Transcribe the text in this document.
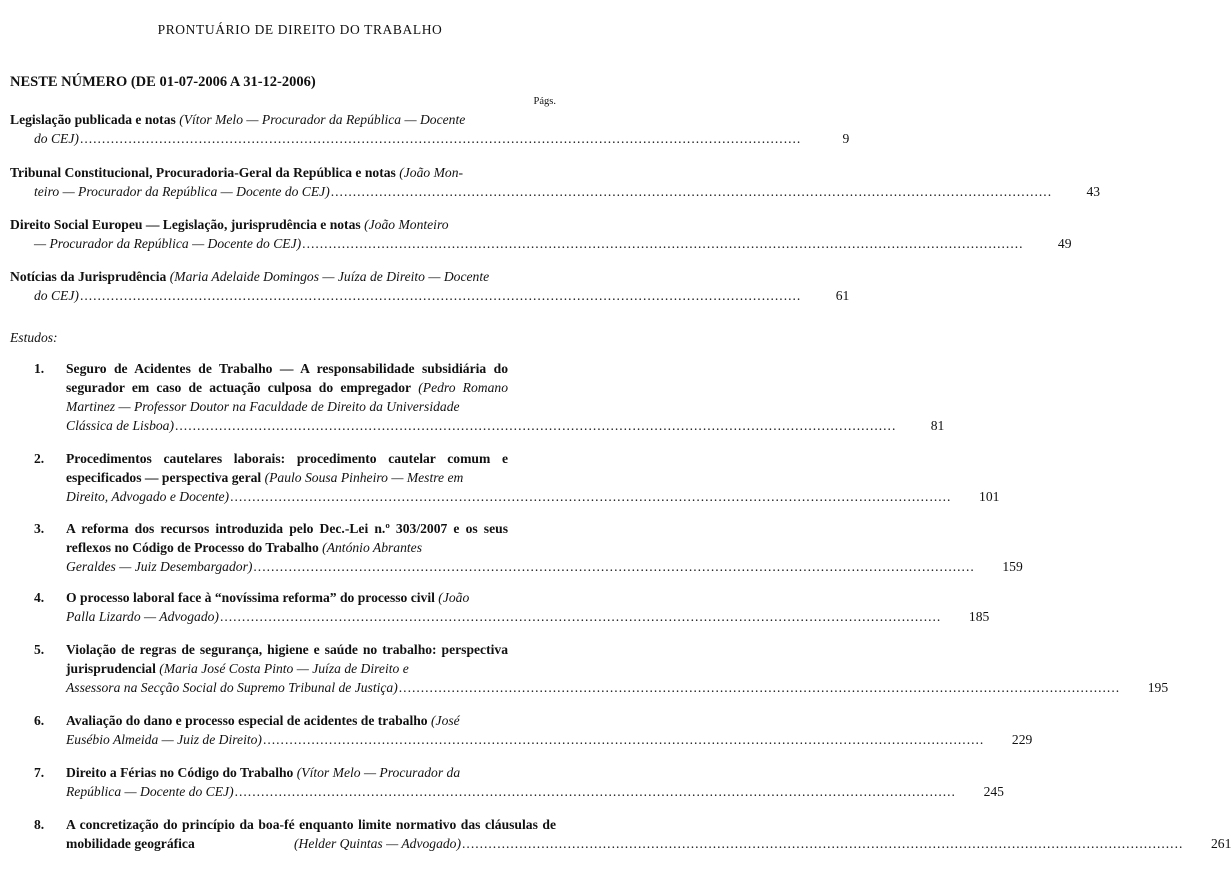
PRONTUÁRIO DE DIREITO DO TRABALHO
NESTE NÚMERO (DE 01-07-2006 A 31-12-2006)
Págs.
Legislação publicada e notas (Vítor Melo — Procurador da República — Docente
do CEJ) ....................................................................................................................................................................	9
Tribunal Constitucional, Procuradoria-Geral da República e notas (João Mon-
teiro — Procurador da República — Docente do CEJ) ....................................................................................................................................................................	43
Direito Social Europeu — Legislação, jurisprudência e notas (João Monteiro
— Procurador da República — Docente do CEJ) ....................................................................................................................................................................	49
Notícias da Jurisprudência (Maria Adelaide Domingos — Juíza de Direito — Docente
do CEJ) ....................................................................................................................................................................	61
Estudos:
1. Seguro de Acidentes de Trabalho — A responsabilidade subsidiária do segurador em caso de actuação culposa do empregador (Pedro Romano Martinez — Professor Doutor na Faculdade de Direito da Universidade
Clássica de Lisboa) ....................................................................................................................................................................	81
2. Procedimentos cautelares laborais: procedimento cautelar comum e especificados — perspectiva geral (Paulo Sousa Pinheiro — Mestre em
Direito, Advogado e Docente) ....................................................................................................................................................................	101
3. A reforma dos recursos introduzida pelo Dec.-Lei n.º 303/2007 e os seus reflexos no Código de Processo do Trabalho (António Abrantes
Geraldes — Juiz Desembargador) ....................................................................................................................................................................	159
4. O processo laboral face à “novíssima reforma” do processo civil (João
Palla Lizardo — Advogado) ....................................................................................................................................................................	185
5. Violação de regras de segurança, higiene e saúde no trabalho: perspectiva jurisprudencial (Maria José Costa Pinto — Juíza de Direito e
Assessora na Secção Social do Supremo Tribunal de Justiça) ....................................................................................................................................................................	195
6. Avaliação do dano e processo especial de acidentes de trabalho (José
Eusébio Almeida — Juiz de Direito) ....................................................................................................................................................................	229
7. Direito a Férias no Código do Trabalho (Vítor Melo — Procurador da
República — Docente do CEJ) ....................................................................................................................................................................	245
8. A concretização do princípio da boa-fé enquanto limite normativo das cláusulas de mobilidade geográfica	(Helder Quintas — Advogado) ....................................................................................................................................................................	261
